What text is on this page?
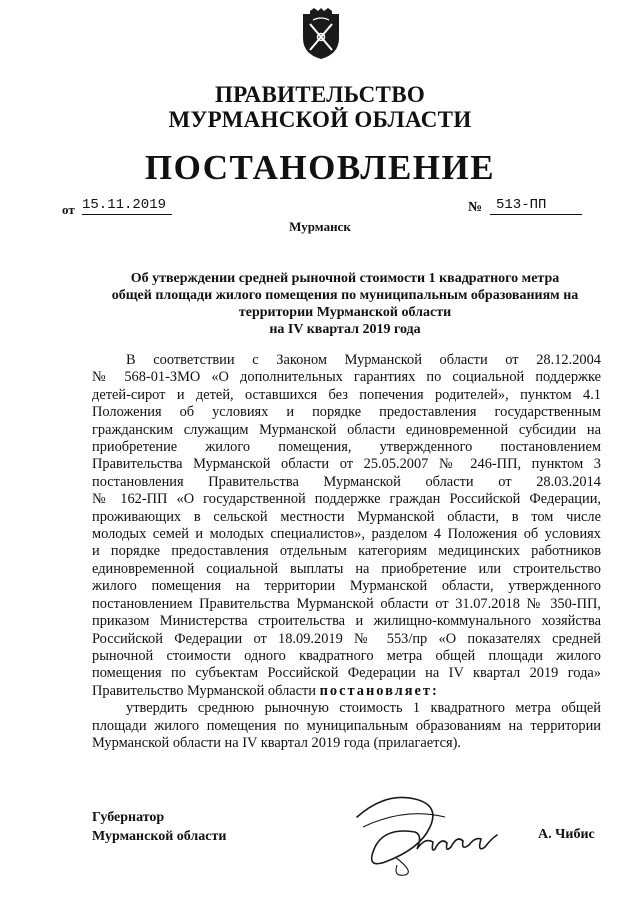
ПРАВИТЕЛЬСТВО
МУРМАНСКОЙ ОБЛАСТИ
ПОСТАНОВЛЕНИЕ
от 15.11.2019	№ 513-ПП
Мурманск
Об утверждении средней рыночной стоимости 1 квадратного метра
общей площади жилого помещения по муниципальным образованиям на
территории Мурманской области
на IV квартал 2019 года
В соответствии с Законом Мурманской области от 28.12.2004
№ 568-01-ЗМО «О дополнительных гарантиях по социальной поддержке
детей-сирот и детей, оставшихся без попечения родителей», пунктом 4.1
Положения об условиях и порядке предоставления государственным
гражданским служащим Мурманской области единовременной субсидии на
приобретение жилого помещения, утвержденного постановлением
Правительства Мурманской области от 25.05.2007 № 246-ПП, пунктом 3
постановления Правительства Мурманской области от 28.03.2014
№ 162-ПП «О государственной поддержке граждан Российской Федерации,
проживающих в сельской местности Мурманской области, в том числе
молодых семей и молодых специалистов», разделом 4 Положения об условиях
и порядке предоставления отдельным категориям медицинских работников
единовременной социальной выплаты на приобретение или строительство
жилого помещения на территории Мурманской области, утвержденного
постановлением Правительства Мурманской области от 31.07.2018 № 350-ПП,
приказом Министерства строительства и жилищно-коммунального хозяйства
Российской Федерации от 18.09.2019 № 553/пр «О показателях средней
рыночной стоимости одного квадратного метра общей площади жилого
помещения по субъектам Российской Федерации на IV квартал 2019 года»
Правительство Мурманской области постановляет:
утвердить среднюю рыночную стоимость 1 квадратного метра общей
площади жилого помещения по муниципальным образованиям на территории
Мурманской области на IV квартал 2019 года (прилагается).
Губернатор
Мурманской области	А. Чибис
